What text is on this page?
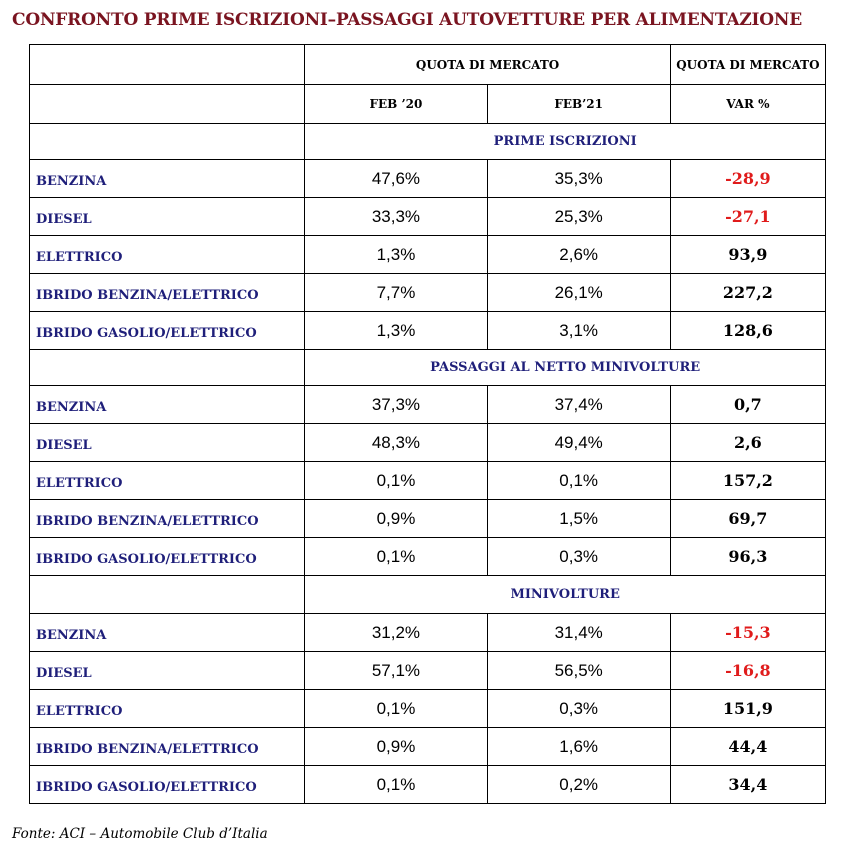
CONFRONTO PRIME ISCRIZIONI–PASSAGGI AUTOVETTURE PER ALIMENTAZIONE
	QUOTA DI MERCATO		QUOTA DI MERCATO
	FEB ’20	FEB’21	VAR %
	PRIME ISCRIZIONI		
BENZINA	47,6%	35,3%	-28,9
DIESEL	33,3%	25,3%	-27,1
ELETTRICO	1,3%	2,6%	93,9
IBRIDO BENZINA/ELETTRICO	7,7%	26,1%	227,2
IBRIDO GASOLIO/ELETTRICO	1,3%	3,1%	128,6
	PASSAGGI AL NETTO MINIVOLTURE		
BENZINA	37,3%	37,4%	0,7
DIESEL	48,3%	49,4%	2,6
ELETTRICO	0,1%	0,1%	157,2
IBRIDO BENZINA/ELETTRICO	0,9%	1,5%	69,7
IBRIDO GASOLIO/ELETTRICO	0,1%	0,3%	96,3
	MINIVOLTURE		
BENZINA	31,2%	31,4%	-15,3
DIESEL	57,1%	56,5%	-16,8
ELETTRICO	0,1%	0,3%	151,9
IBRIDO BENZINA/ELETTRICO	0,9%	1,6%	44,4
IBRIDO GASOLIO/ELETTRICO	0,1%	0,2%	34,4
Fonte: ACI – Automobile Club d’Italia
